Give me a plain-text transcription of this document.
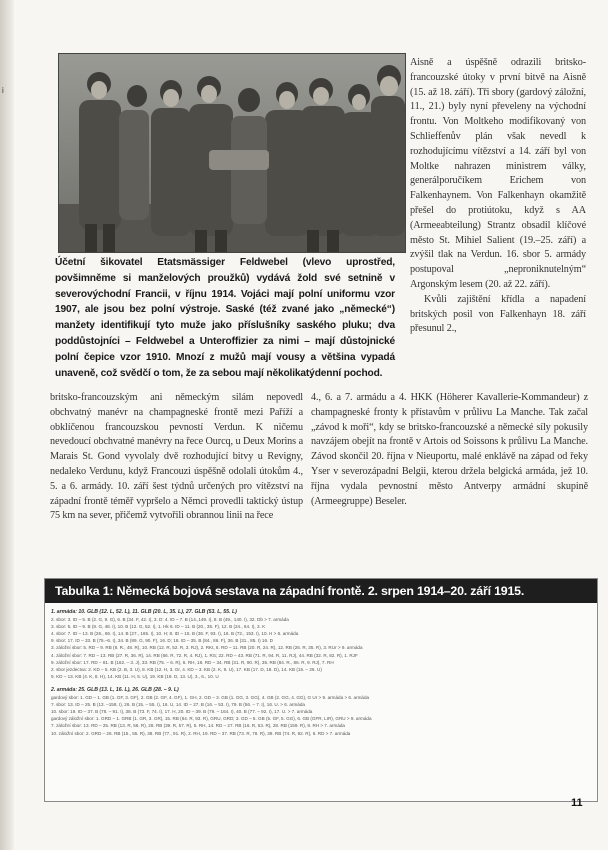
i
Účetní šikovatel Etatsmässiger Feldwebel (vlevo uprostřed, povšimněme si manželových proužků) vydává žold své setnině v severovýchodní Francii, v říjnu 1914. Vojáci mají polní uniformu vzor 1907, ale jsou bez polní výstroje. Saské (též zvané jako „německé“) manžety identifikují tyto muže jako příslušníky saského pluku; dva poddůstojníci – Feldwebel a Unteroffizier za nimi – mají důstojnické polní čepice vzor 1910. Mnozí z mužů mají vousy a většina vypadá unaveně, což svědčí o tom, že za sebou mají několikatýdenní pochod.

Aisně a úspěšně odrazili britsko-francouzské útoky v první bitvě na Aisně (15. až 18. září). Tři sbory (gardový záložní, 11., 21.) byly nyní převeleny na východní frontu. Von Moltkeho modifikovaný von Schlieffenův plán však nevedl k rozhodujícímu vítězství a 14. září byl von Moltke nahrazen ministrem války, generálporučíkem Erichem von Falkenhaynem. Von Falkenhayn okamžitě přešel do protiútoku, když s AA (Armeeabteilung) Strantz obsadil klíčové město St. Mihiel Salient (19.–25. září) a zvýšil tlak na Verdun. 16. sbor 5. armády postupoval „neproniknutelným“ Argonským lesem (20. až 22. září).

Kvůli zajištění křídla a napadení britských posil von Falkenhayn 18. září přesunul 2.,

britsko-francouzským ani německým silám nepovedl obchvatný manévr na champagneské frontě mezi Paříží a obklíčenou francouzskou pevností Verdun. K ničemu nevedoucí obchvatné manévry na řece Ourcq, u Deux Morins a Marais St. Gond vyvolaly dvě rozhodující bitvy u Revigny, nedaleko Verdunu, když Francouzi úspěšně odolali útokům 4., 5. a 6. armády. 10. září šest týdnů určených pro vítězství na západní frontě téměř vypršelo a Němci provedli taktický ústup 75 km na sever, přičemž vytvořili obrannou linii na řece

4., 6. a 7. armádu a 4. HKK (Höherer Kavallerie-Kommandeur) z champagneské fronty k přístavům v průlivu La Manche. Tak začal „závod k moři“, kdy se britsko-francouzské a německé síly pokusily navzájem obejít na frontě v Artois od Soissons k průlivu La Manche. Závod skončil 20. října v Nieuportu, malé enklávě na západ od řeky Yser v severozápadní Belgii, kterou držela belgická armáda, jež 10. října vydala pevnostní město Antverpy armádní skupině (Armeegruppe) Beseler.

Tabulka 1: Německá bojová sestava na západní frontě. 2. srpen 1914–20. září 1915.
1. armáda: 10. GLB (12. L, 52. L), 11. GLB (20. L, 35. L), 27. GLB (53. L, 55. L)
2. sbor: 3. ID – 5. B (2. G, 9. G), 6. B (34. F, 42. I), 3. D: 4. ID – 7. B (14.,149. I), 8. B (49., 140. I), 32. Db > 7. armáda
3. sbor: 5. ID – 9. B (8. G, 48. I), 10. B (12. G, 52. I), 1. Hk 6. ID – 11. B (20., 35. F), 12. B (24., 64. I), 3. K
4. sbor: 7. ID – 13. B (26., 66. I), 14. B (27., 165. I), 10. H; 8. ID – 15. B (36. F, 93. I), 16. B (72., 153. I), 10. H > 6. armáda
9. sbor: 17. ID – 33. B (75.–6. I), 34. B (89. G, 90. F), 16. D; 18. ID – 35. B (84., 86. F), 36. B (31., 85. I) 16. D
3. záložní sbor: 5. RD – 9. RB (8. R., 48. R), 10. RB (12. R, 52. R, 3. RJ), 2. RKt, 6. RD – 11. RB (20. R, 24. R), 12. RB (26. R, 35. R), 3. RUr > 9. armáda
4. záložní sbor: 7. RD – 13. RB (27. R, 36. R), 14. RB (66. R, 72. R, 4. RJ), 1. RS; 22. RD – 43. RB (71. R, 94. R, 11. RJ), 44. RB (32. R, 82. R), 1. RJF
9. záložní sbor: 17. RD – 81. B (162. – 3. J), 33. RB (75. – 6. R), 6. RH, 18. RD – 34. RB (31. R, 90. R), 35. RB (84. R., 86. R, 9. RJ), 7. RH
2. sbor jezdectva: 2. KD – 5. KB (2. B, 3. U), 8. KB (12. H, 3. Gr, 4. KD – 3. KB (2. K, 9. U), 17. KB (17. D, 18. D), 14. KB (15. – 26. U)
9. KD – 13. KB (4. K, 8. H), 14. KB (11. H, 5. U), 19. KB (19. D, 13. U), 3., 6., 10. U
2. armáda: 25. GLB (13. L, 16. L), 26. GLB (28. – 9. L)
gardový sbor: 1. GD – 1. GB (1. GF, 3. GF), 2. GB (2. GF, 4. GF), 1. GH, 2. GD – 3. GB (1. GG, 3. GG), 4. GB (2. GG, 4. GG), G Ur > 9. armáda > 6. armáda
7. sbor: 13. ID – 25. B (13. –158. I), 26. B (15. – 55. I), 16. U, 14. ID – 27. B (16. – 53. I), 79. B (56. – 7. I), 16. U. > 6. armáda
10. sbor: 19. ID – 37. B (78. – 91. I), 38. B (73. F, 74. I), 17. H, 20. ID – 39. B (79. – 164. I), 40. B (77. – 92. I), 17. U. > 7. armáda
gardový záložní sbor: 1. GRD – 1. GRB (1. GR, 3. GR), 15. RB (64. R, 93. R), GRU, GRD; 3. GD – 5. GB (5. GF, 5. GG), 6. GB (GFR, LIR), GRU > 9. armáda
7. záložní sbor: 13. RD – 25. RB (13. R, 56. R), 28. RB (39. R, 57. R), 5. RH, 14. RD – 27. RB (16. R, 53. R), 28. RB (159. R), 8. RH > 7. armáda
10. záložní sbor: 2. GRD – 26. RB (15., 55. R), 38. RB (77., 91. R), 2. RH, 19. RD – 37. RB (73. R, 78. R), 39. RB (74. R, 92. R), 6. RD > 7. armáda
11
